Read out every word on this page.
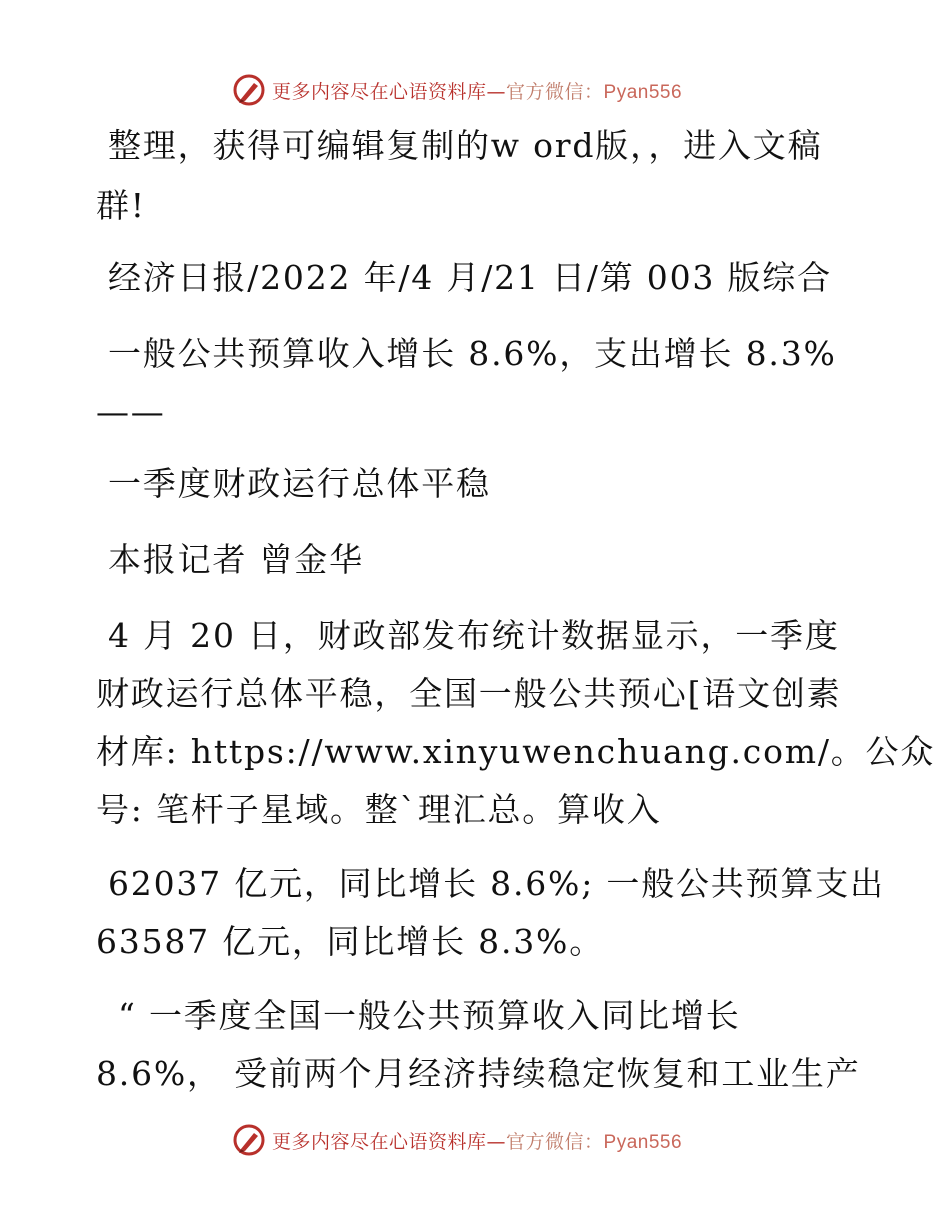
更多内容尽在心语资料库—官方微信：Pyan556
整理，获得可编辑复制的w ord版，，进入文稿
群!
经济日报/2022 年/4 月/21 日/第 003 版综合
一般公共预算收入增长 8.6%，支出增长 8.3%
——
一季度财政运行总体平稳
本报记者 曾金华
4 月 20 日，财政部发布统计数据显示，一季度
财政运行总体平稳，全国一般公共预心[语文创素
材库: https://www.xinyuwenchuang.com/。公众
号: 笔杆子星域。整`理汇总。算收入
62037 亿元，同比增长 8.6%; 一般公共预算支出
63587 亿元，同比增长 8.3%。
“ 一季度全国一般公共预算收入同比增长
8.6%， 受前两个月经济持续稳定恢复和工业生产
更多内容尽在心语资料库—官方微信：Pyan556
